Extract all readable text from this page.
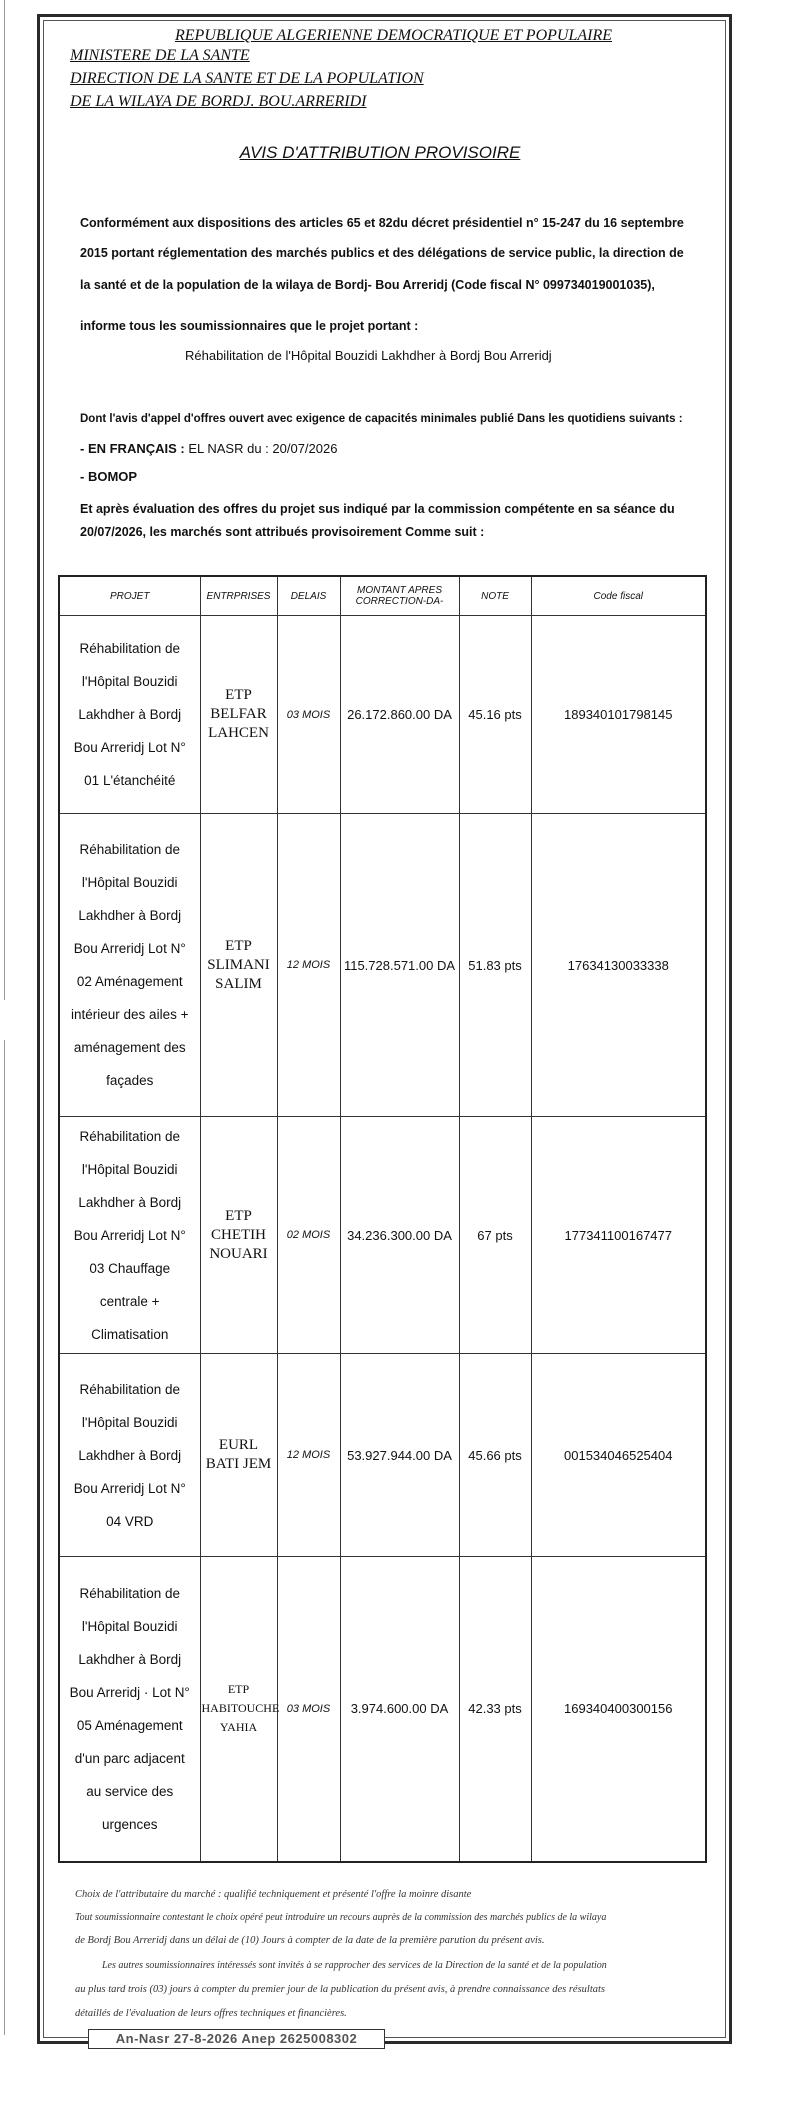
REPUBLIQUE ALGERIENNE DEMOCRATIQUE ET POPULAIRE
MINISTERE DE LA SANTE
DIRECTION DE LA SANTE ET DE LA POPULATION
DE LA WILAYA DE BORDJ. BOU.ARRERIDI
AVIS D'ATTRIBUTION PROVISOIRE
Conformément aux dispositions des articles 65 et 82du décret présidentiel n° 15-247 du 16 septembre
2015 portant réglementation des marchés publics et des délégations de service public, la direction de
la santé et de la population de la wilaya de Bordj- Bou Arreridj (Code fiscal N° 099734019001035),
informe tous les soumissionnaires que le projet portant :
Réhabilitation de l'Hôpital Bouzidi Lakhdher à Bordj Bou Arreridj
Dont l'avis d'appel d'offres ouvert avec exigence de capacités minimales publié Dans les quotidiens suivants :
- EN FRANÇAIS : EL NASR du : 20/07/2026
- BOMOP
Et après évaluation des offres du projet sus indiqué par la commission compétente en sa séance du
20/07/2026, les marchés sont attribués provisoirement Comme suit :
PROJET	ENTRPRISES	DELAIS	MONTANT APRES CORRECTION-DA-	NOTE	Code fiscal
Réhabilitation de l'Hôpital Bouzidi Lakhdher à Bordj Bou Arreridj Lot N° 01 L'étanchéité	ETP BELFAR LAHCEN	03 MOIS	26.172.860.00 DA	45.16 pts	189340101798145
Réhabilitation de l'Hôpital Bouzidi Lakhdher à Bordj Bou Arreridj Lot N° 02 Aménagement intérieur des ailes + aménagement des façades	ETP SLIMANI SALIM	12 MOIS	115.728.571.00 DA	51.83 pts	17634130033338
Réhabilitation de l'Hôpital Bouzidi Lakhdher à Bordj Bou Arreridj Lot N° 03 Chauffage centrale + Climatisation	ETP CHETIH NOUARI	02 MOIS	34.236.300.00 DA	67 pts	177341100167477
Réhabilitation de l'Hôpital Bouzidi Lakhdher à Bordj Bou Arreridj Lot N° 04 VRD	EURL BATI JEM	12 MOIS	53.927.944.00 DA	45.66 pts	001534046525404
Réhabilitation de l'Hôpital Bouzidi Lakhdher à Bordj Bou Arreridj · Lot N° 05 Aménagement d'un parc adjacent au service des urgences	ETP HABITOUCHE YAHIA	03 MOIS	3.974.600.00 DA	42.33 pts	169340400300156
Choix de l'attributaire du marché : qualifié techniquement et présenté l'offre la moinre disante
Tout soumissionnaire contestant le choix opéré peut introduire un recours auprès de la commission des marchés publics de la wilaya
de Bordj Bou Arreridj dans un délai de (10) Jours à compter de la date de la première parution du présent avis.
Les autres soumissionnaires intéressés sont invités à se rapprocher des services de la Direction de la santé et de la population
au plus tard trois (03) jours à compter du premier jour de la publication du présent avis, à prendre connaissance des résultats
détaillés de l'évaluation de leurs offres techniques et financières.
An-Nasr 27-8-2026 Anep 2625008302
